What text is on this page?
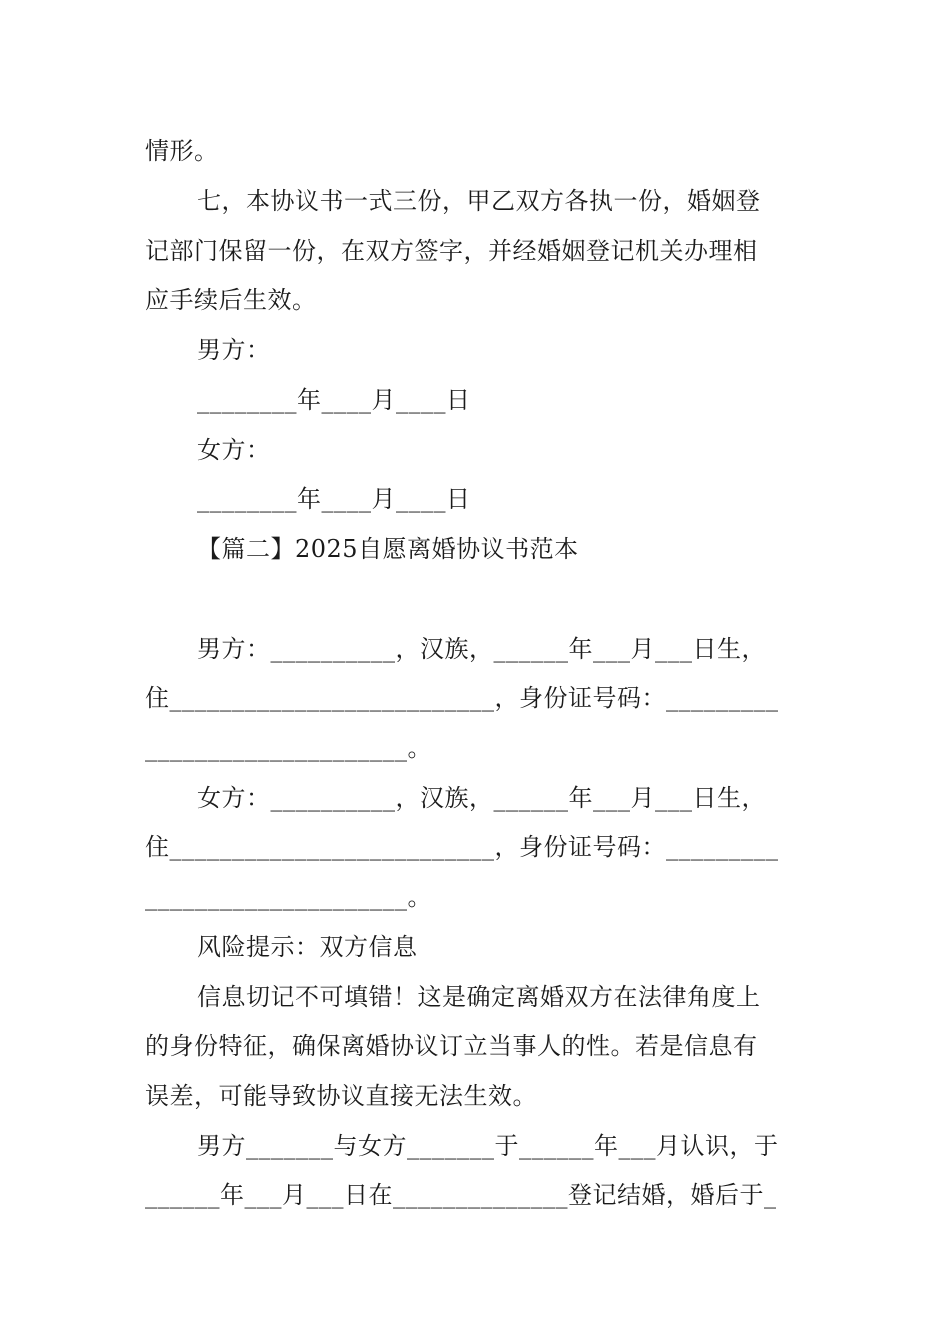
情形。
七，本协议书一式三份，甲乙双方各执一份，婚姻登
记部门保留一份，在双方签字，并经婚姻登记机关办理相
应手续后生效。
男方：
________年____月____日
女方：
________年____月____日
【篇二】2025自愿离婚协议书范本
男方：__________，汉族，______年___月___日生，
住__________________________，身份证号码：_________
_____________________。
女方：__________，汉族，______年___月___日生，
住__________________________，身份证号码：_________
_____________________。
风险提示：双方信息
信息切记不可填错！这是确定离婚双方在法律角度上
的身份特征，确保离婚协议订立当事人的性。若是信息有
误差，可能导致协议直接无法生效。
男方_______与女方_______于______年___月认识，于
______年___月___日在______________登记结婚，婚后于_
